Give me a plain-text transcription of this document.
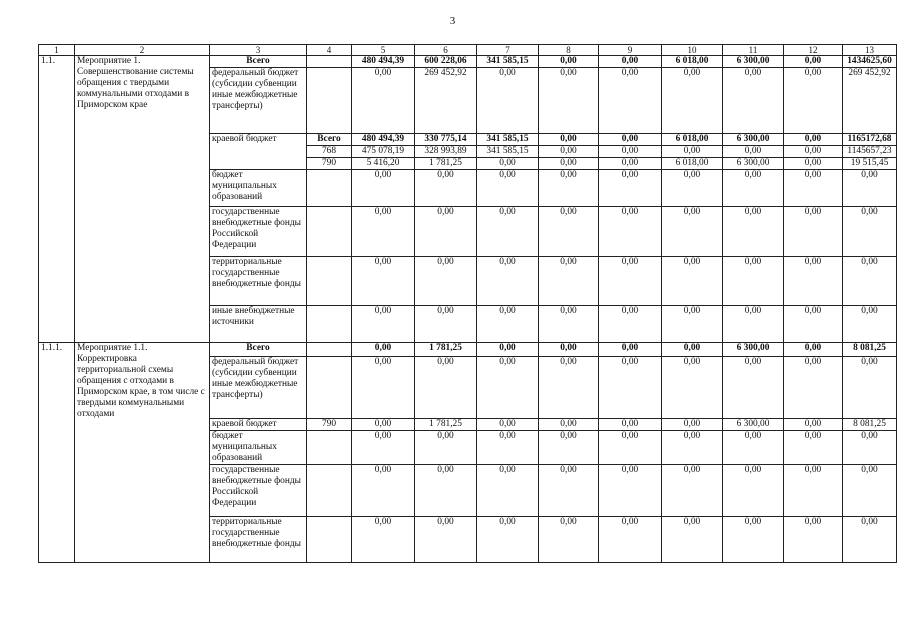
3
1	2	3	4	5	6	7	8	9	10	11	12	13
1.1.	Мероприятие 1. Совершенствование системы обращения с твердыми коммунальными отходами в Приморском крае	Всего		480 494,39	600 228,06	341 585,15	0,00	0,00	6 018,00	6 300,00	0,00	1434625,60
		федеральный бюджет (субсидии субвенции иные межбюджетные трансферты)		0,00	269 452,92	0,00	0,00	0,00	0,00	0,00	0,00	269 452,92
		краевой бюджет	Всего	480 494,39	330 775,14	341 585,15	0,00	0,00	6 018,00	6 300,00	0,00	1165172,68
			768	475 078,19	328 993,89	341 585,15	0,00	0,00	0,00	0,00	0,00	1145657,23
			790	5 416,20	1 781,25	0,00	0,00	0,00	6 018,00	6 300,00	0,00	19 515,45
		бюджет муниципальных образований		0,00	0,00	0,00	0,00	0,00	0,00	0,00	0,00	0,00
		государственные внебюджетные фонды Российской Федерации		0,00	0,00	0,00	0,00	0,00	0,00	0,00	0,00	0,00
		территориальные государственные внебюджетные фонды		0,00	0,00	0,00	0,00	0,00	0,00	0,00	0,00	0,00
		иные внебюджетные источники		0,00	0,00	0,00	0,00	0,00	0,00	0,00	0,00	0,00
1.1.1.	Мероприятие 1.1. Корректировка территориальной схемы обращения с отходами в Приморском крае, в том числе с твердыми коммунальными отходами	Всего		0,00	1 781,25	0,00	0,00	0,00	0,00	6 300,00	0,00	8 081,25
		федеральный бюджет (субсидии субвенции иные межбюджетные трансферты)		0,00	0,00	0,00	0,00	0,00	0,00	0,00	0,00	0,00
		краевой бюджет	790	0,00	1 781,25	0,00	0,00	0,00	0,00	6 300,00	0,00	8 081,25
		бюджет муниципальных образований		0,00	0,00	0,00	0,00	0,00	0,00	0,00	0,00	0,00
		государственные внебюджетные фонды Российской Федерации		0,00	0,00	0,00	0,00	0,00	0,00	0,00	0,00	0,00
		территориальные государственные внебюджетные фонды		0,00	0,00	0,00	0,00	0,00	0,00	0,00	0,00	0,00
